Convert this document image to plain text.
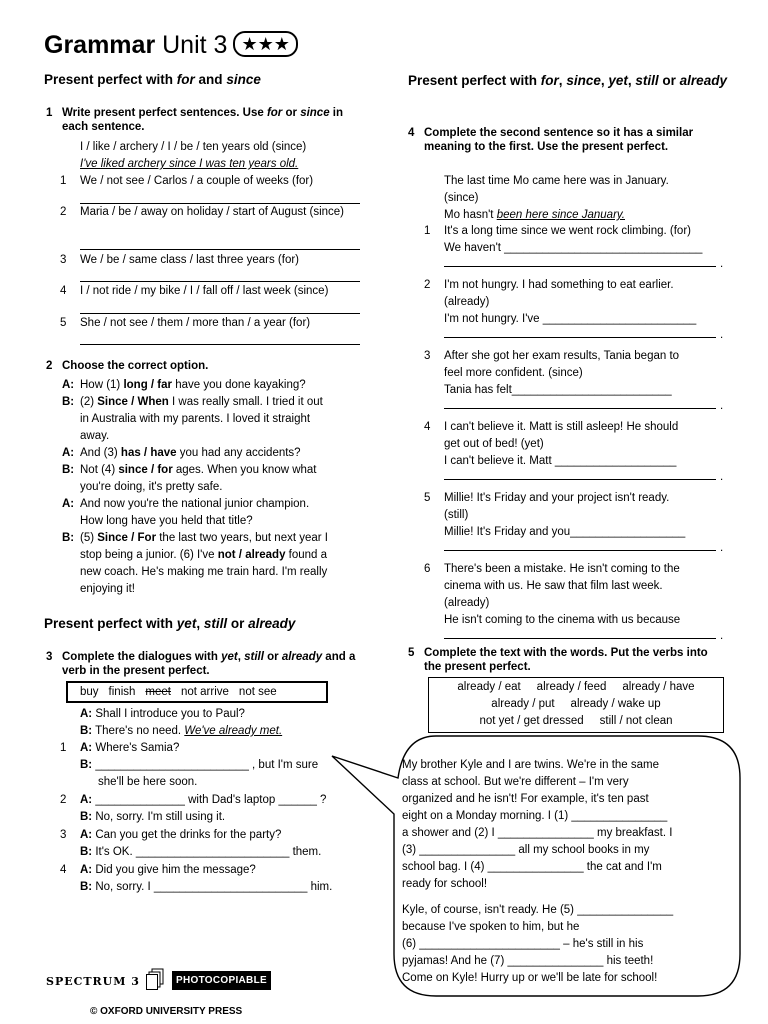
Grammar Unit 3 ★★★
Present perfect with for and since
1 Write present perfect sentences. Use for or since in each sentence.
I / like / archery / I / be / ten years old (since)
I've liked archery since I was ten years old.
1 We / not see / Carlos / a couple of weeks (for)
2 Maria / be / away on holiday / start of August (since)
3 We / be / same class / last three years (for)
4 I / not ride / my bike / I / fall off / last week (since)
5 She / not see / them / more than / a year (for)
2 Choose the correct option.
A: How (1) long / far have you done kayaking?
B: (2) Since / When I was really small. I tried it out
in Australia with my parents. I loved it straight
away.
A: And (3) has / have you had any accidents?
B: Not (4) since / for ages. When you know what
you're doing, it's pretty safe.
A: And now you're the national junior champion.
How long have you held that title?
B: (5) Since / For the last two years, but next year I
stop being a junior. (6) I've not / already found a
new coach. He's making me train hard. I'm really
enjoying it!
Present perfect with yet, still or already
3 Complete the dialogues with yet, still or already and a verb in the present perfect.
buy finish meet not arrive not see
A: Shall I introduce you to Paul?
B: There's no need. We've already met.
1 A: Where's Samia?
B: ________________________ , but I'm sure
she'll be here soon.
2 A: ______________ with Dad's laptop ______ ?
B: No, sorry. I'm still using it.
3 A: Can you get the drinks for the party?
B: It's OK. ________________________ them.
4 A: Did you give him the message?
B: No, sorry. I ________________________ him.
Present perfect with for, since, yet, still or already
4 Complete the second sentence so it has a similar meaning to the first. Use the present perfect.
The last time Mo came here was in January.
(since)
Mo hasn't been here since January.
1 It's a long time since we went rock climbing. (for)
We haven't _______________________________
.
2 I'm not hungry. I had something to eat earlier.
(already)
I'm not hungry. I've ________________________
.
3 After she got her exam results, Tania began to
feel more confident. (since)
Tania has felt_________________________
.
4 I can't believe it. Matt is still asleep! He should
get out of bed! (yet)
I can't believe it. Matt ___________________
.
5 Millie! It's Friday and your project isn't ready.
(still)
Millie! It's Friday and you__________________
.
6 There's been a mistake. He isn't coming to the
cinema with us. He saw that film last week.
(already)
He isn't coming to the cinema with us because
.
5 Complete the text with the words. Put the verbs into the present perfect.
already / eat     already / feed     already / have
already / put     already / wake up
not yet / get dressed     still / not clean
My brother Kyle and I are twins. We're in the same
class at school. But we're different – I'm very
organized and he isn't! For example, it's ten past
eight on a Monday morning. I (1) _______________
a shower and (2) I _______________ my breakfast. I
(3) _______________ all my school books in my
school bag. I (4) _______________ the cat and I'm
ready for school!
Kyle, of course, isn't ready. He (5) _______________
because I've spoken to him, but he
(6) ______________________ – he's still in his
pyjamas! And he (7) _______________ his teeth!
Come on Kyle! Hurry up or we'll be late for school!
SPECTRUM 3	PHOTOCOPIABLE
© OXFORD UNIVERSITY PRESS
